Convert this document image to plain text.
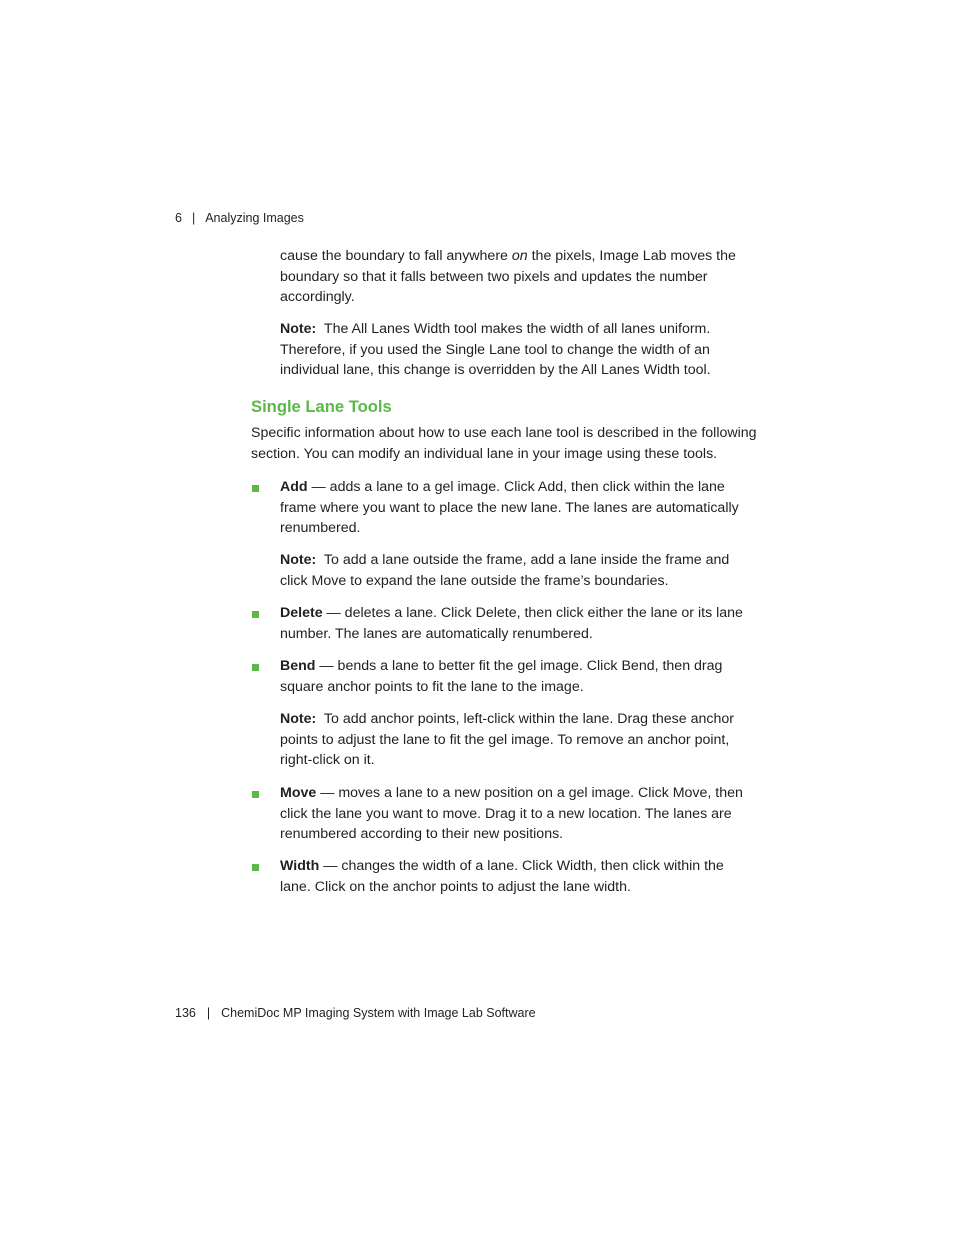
6 | Analyzing Images

cause the boundary to fall anywhere on the pixels, Image Lab moves the boundary so that it falls between two pixels and updates the number accordingly.

Note: The All Lanes Width tool makes the width of all lanes uniform. Therefore, if you used the Single Lane tool to change the width of an individual lane, this change is overridden by the All Lanes Width tool.

Single Lane Tools

Specific information about how to use each lane tool is described in the following section. You can modify an individual lane in your image using these tools.

Add — adds a lane to a gel image. Click Add, then click within the lane frame where you want to place the new lane. The lanes are automatically renumbered.

Note: To add a lane outside the frame, add a lane inside the frame and click Move to expand the lane outside the frame’s boundaries.

Delete — deletes a lane. Click Delete, then click either the lane or its lane number. The lanes are automatically renumbered.

Bend — bends a lane to better fit the gel image. Click Bend, then drag square anchor points to fit the lane to the image.

Note: To add anchor points, left-click within the lane. Drag these anchor points to adjust the lane to fit the gel image. To remove an anchor point, right-click on it.

Move — moves a lane to a new position on a gel image. Click Move, then click the lane you want to move. Drag it to a new location. The lanes are renumbered according to their new positions.

Width — changes the width of a lane. Click Width, then click within the lane. Click on the anchor points to adjust the lane width.

136 | ChemiDoc MP Imaging System with Image Lab Software
